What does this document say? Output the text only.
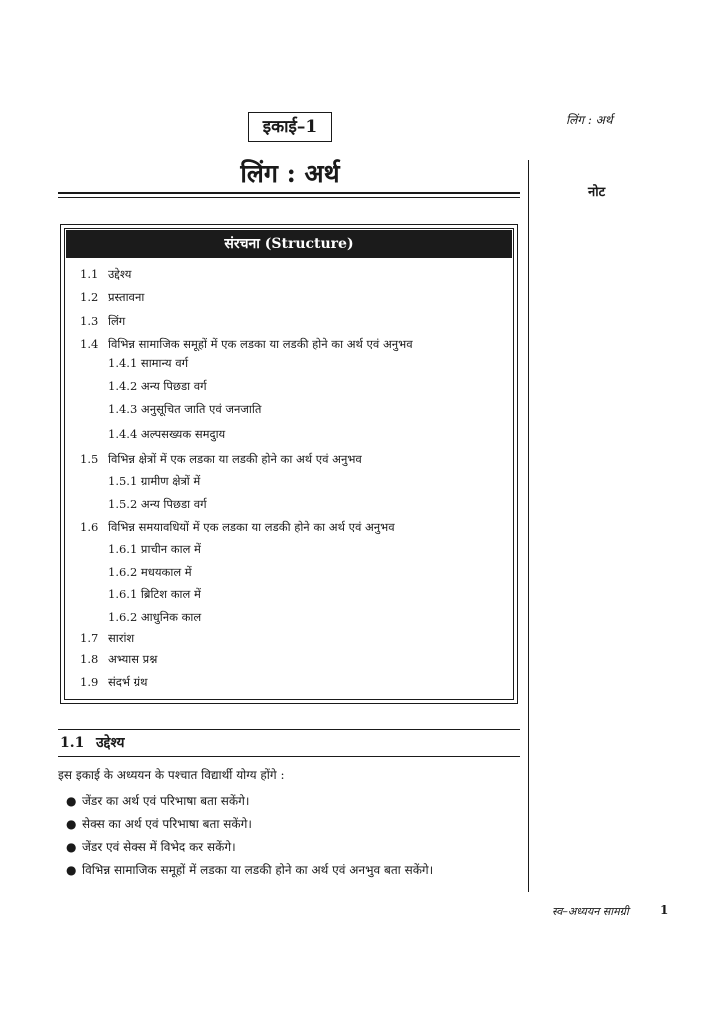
लिंग : अर्थ
इकाई–1
लिंग : अर्थ
नोट
संरचना (Structure)
1.1 उद्देश्य
1.2 प्रस्तावना
1.3 लिंग
1.4 विभिन्न सामाजिक समूहों में एक लडका या लडकी होने का अर्थ एवं अनुभव
1.4.1 सामान्य वर्ग
1.4.2 अन्य पिछडा वर्ग
1.4.3 अनुसूचित जाति एवं जनजाति
1.4.4 अल्पसख्यक समदुाय
1.5 विभिन्न क्षेत्रों में एक लडका या लडकी होने का अर्थ एवं अनुभव
1.5.1 ग्रामीण क्षेत्रों में
1.5.2 अन्य पिछडा वर्ग
1.6 विभिन्न समयावधियों में एक लडका या लडकी होने का अर्थ एवं अनुभव
1.6.1 प्राचीन काल में
1.6.2 मधयकाल में
1.6.1 ब्रिटिश काल में
1.6.2 आधुनिक काल
1.7 सारांश
1.8 अभ्यास प्रश्न
1.9 संदर्भ ग्रंथ
1.1 उद्देश्य
इस इकाई के अध्ययन के पश्चात विद्यार्थी योग्य होंगे :
● जेंडर का अर्थ एवं परिभाषा बता सकेंगे।
● सेक्स का अर्थ एवं परिभाषा बता सकेंगे।
● जेंडर एवं सेक्स में विभेद कर सकेंगे।
● विभिन्न सामाजिक समूहों में लडका या लडकी होने का अर्थ एवं अनभुव बता सकेंगे।
स्व–अध्ययन सामग्री	1
